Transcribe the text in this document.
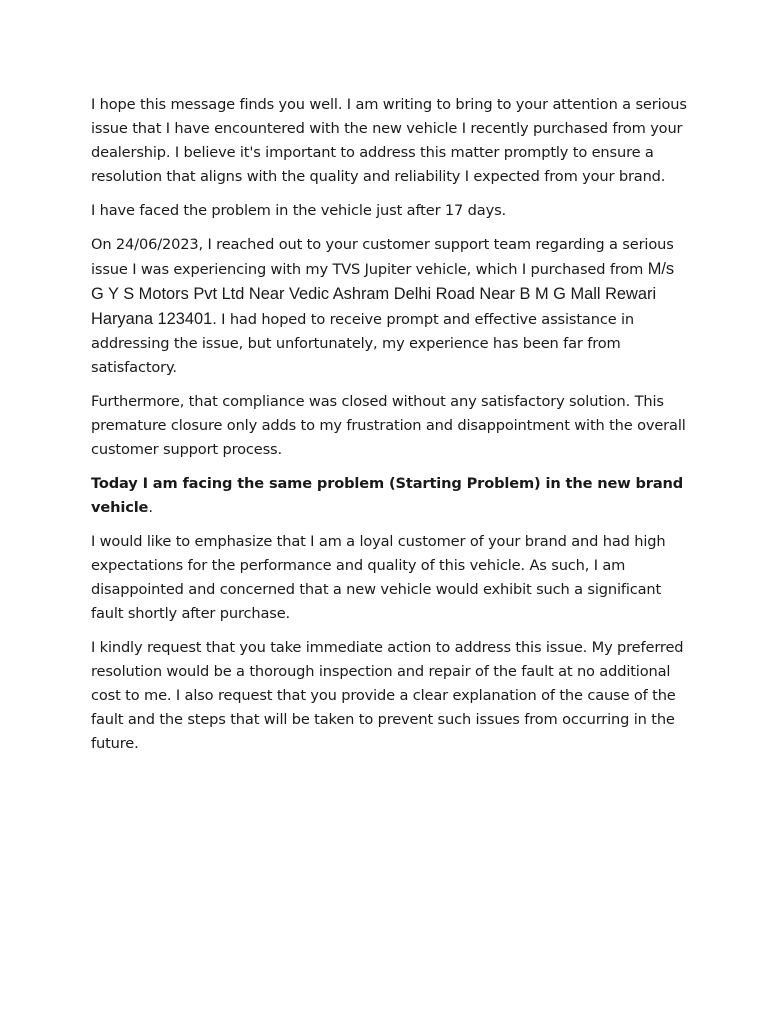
I hope this message finds you well. I am writing to bring to your attention a serious issue that I have encountered with the new vehicle I recently purchased from your dealership. I believe it's important to address this matter promptly to ensure a resolution that aligns with the quality and reliability I expected from your brand.

I have faced the problem in the vehicle just after 17 days.

On 24/06/2023, I reached out to your customer support team regarding a serious issue I was experiencing with my TVS Jupiter vehicle, which I purchased from M/s G Y S Motors Pvt Ltd Near Vedic Ashram Delhi Road Near B M G Mall Rewari Haryana 123401. I had hoped to receive prompt and effective assistance in addressing the issue, but unfortunately, my experience has been far from satisfactory.

Furthermore, that compliance was closed without any satisfactory solution. This premature closure only adds to my frustration and disappointment with the overall customer support process.

Today I am facing the same problem (Starting Problem) in the new brand vehicle.

I would like to emphasize that I am a loyal customer of your brand and had high expectations for the performance and quality of this vehicle. As such, I am disappointed and concerned that a new vehicle would exhibit such a significant fault shortly after purchase.

I kindly request that you take immediate action to address this issue. My preferred resolution would be a thorough inspection and repair of the fault at no additional cost to me. I also request that you provide a clear explanation of the cause of the fault and the steps that will be taken to prevent such issues from occurring in the future.
